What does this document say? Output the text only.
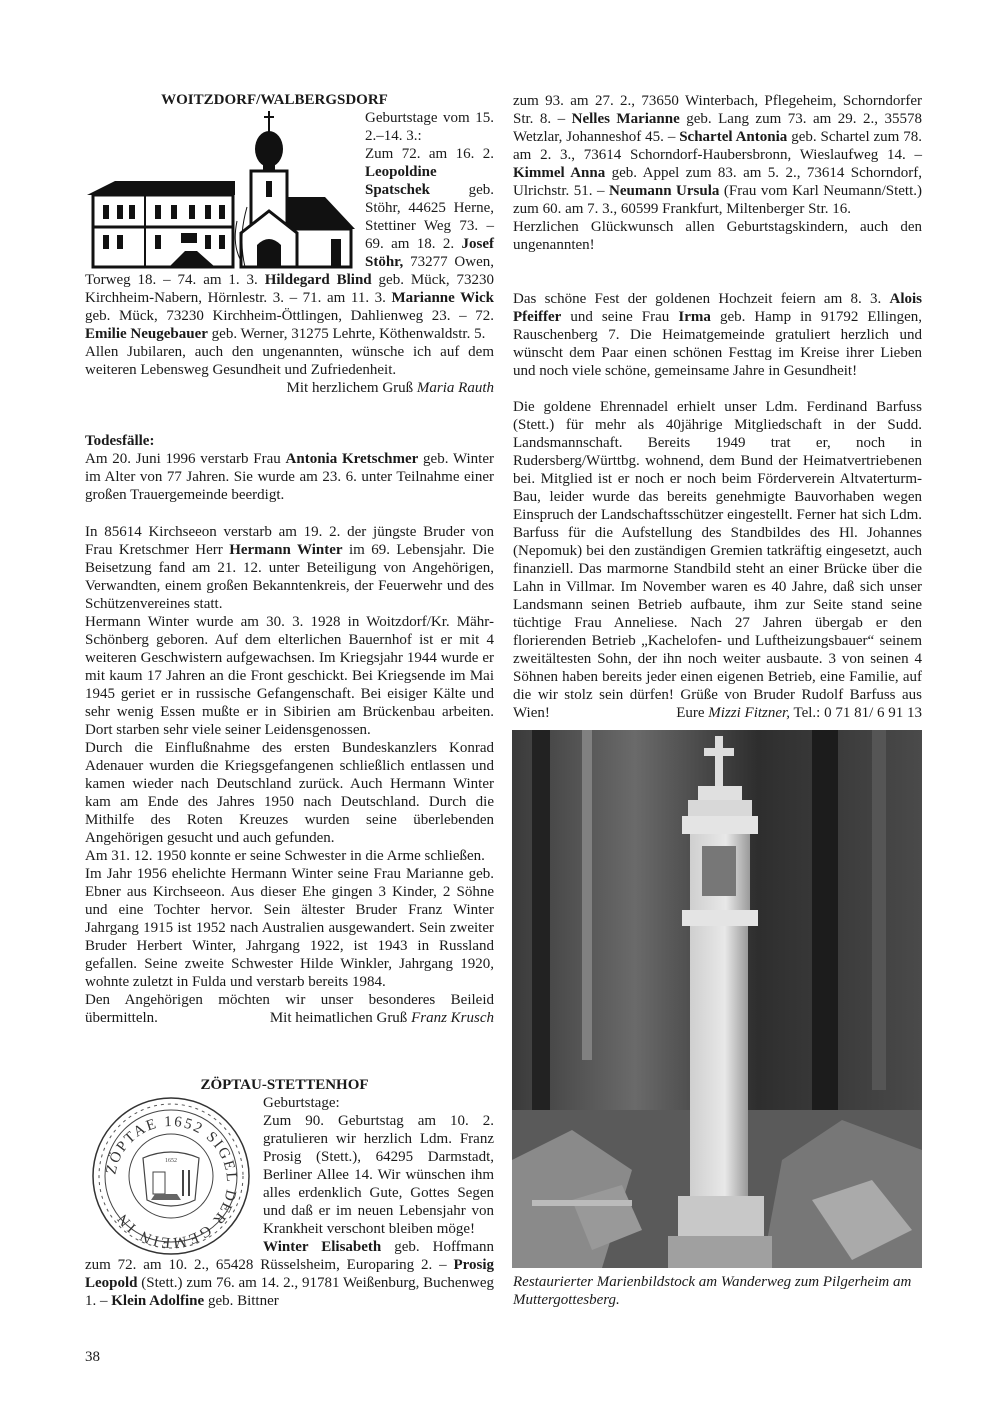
WOITZDORF/WALBERGSDORF

Geburtstage vom 15. 2.–14. 3.:

Zum 72. am 16. 2. Leopoldine Spatschek geb. Stöhr, 44625 Herne, Stettiner Weg 73. – 69. am 18. 2. Josef Stöhr, 73277 Owen, Torweg 18. – 74. am 1. 3. Hildegard Blind geb. Mück, 73230 Kirchheim-Nabern, Hörnlestr. 3. – 71. am 11. 3. Marianne Wick geb. Mück, 73230 Kirchheim-Öttlingen, Dahlienweg 23. – 72. Emilie Neugebauer geb. Werner, 31275 Lehrte, Köthenwaldstr. 5.

Allen Jubilaren, auch den ungenannten, wünsche ich auf dem weiteren Lebensweg Gesundheit und Zufriedenheit.

Mit herzlichem Gruß Maria Rauth

Todesfälle:

Am 20. Juni 1996 verstarb Frau Antonia Kretschmer geb. Winter im Alter von 77 Jahren. Sie wurde am 23. 6. unter Teilnahme einer großen Trauergemeinde beerdigt.

In 85614 Kirchseeon verstarb am 19. 2. der jüngste Bruder von Frau Kretschmer Herr Hermann Winter im 69. Lebensjahr. Die Beisetzung fand am 21. 12. unter Beteiligung von Angehörigen, Verwandten, einem großen Bekanntenkreis, der Feuerwehr und des Schützenvereines statt.

Hermann Winter wurde am 30. 3. 1928 in Woitzdorf/Kr. Mähr-Schönberg geboren. Auf dem elterlichen Bauernhof ist er mit 4 weiteren Geschwistern aufgewachsen. Im Kriegsjahr 1944 wurde er mit kaum 17 Jahren an die Front geschickt. Bei Kriegsende im Mai 1945 geriet er in russische Gefangenschaft. Bei eisiger Kälte und sehr wenig Essen mußte er in Sibirien am Brückenbau arbeiten. Dort starben sehr viele seiner Leidensgenossen.

Durch die Einflußnahme des ersten Bundeskanzlers Konrad Adenauer wurden die Kriegsgefangenen schließlich entlassen und kamen wieder nach Deutschland zurück. Auch Hermann Winter kam am Ende des Jahres 1950 nach Deutschland. Durch die Mithilfe des Roten Kreuzes wurden seine überlebenden Angehörigen gesucht und auch gefunden.

Am 31. 12. 1950 konnte er seine Schwester in die Arme schließen.

Im Jahr 1956 ehelichte Hermann Winter seine Frau Marianne geb. Ebner aus Kirchseeon. Aus dieser Ehe gingen 3 Kinder, 2 Söhne und eine Tochter hervor. Sein ältester Bruder Franz Winter Jahrgang 1915 ist 1952 nach Australien ausgewandert. Sein zweiter Bruder Herbert Winter, Jahrgang 1922, ist 1943 in Russland gefallen. Seine zweite Schwester Hilde Winkler, Jahrgang 1920, wohnte zuletzt in Fulda und verstarb bereits 1984.

Den Angehörigen möchten wir unser besonderes Beileid übermitteln. Mit heimatlichen Gruß Franz Krusch

ZÖPTAU-STETTENHOF
ZÖPTAE 1652 SIGEL DER GEMEIN IN
1652

Geburtstage:

Zum 90. Geburtstag am 10. 2. gratulieren wir herzlich Ldm. Franz Prosig (Stett.), 64295 Darmstadt, Berliner Allee 14. Wir wünschen ihm alles erdenklich Gute, Gottes Segen und daß er im neuen Lebensjahr von Krankheit verschont bleiben möge!

Winter Elisabeth geb. Hoffmann zum 72. am 10. 2., 65428 Rüsselsheim, Europaring 2. – Prosig Leopold (Stett.) zum 76. am 14. 2., 91781 Weißenburg, Buchenweg 1. – Klein Adolfine geb. Bittner

zum 93. am 27. 2., 73650 Winterbach, Pflegeheim, Schorndorfer Str. 8. – Nelles Marianne geb. Lang zum 73. am 29. 2., 35578 Wetzlar, Johanneshof 45. – Schartel Antonia geb. Schartel zum 78. am 2. 3., 73614 Schorndorf-Haubersbronn, Wieslaufweg 14. – Kimmel Anna geb. Appel zum 83. am 5. 2., 73614 Schorndorf, Ulrichstr. 51. – Neumann Ursula (Frau vom Karl Neumann/Stett.) zum 60. am 7. 3., 60599 Frankfurt, Miltenberger Str. 16.

Herzlichen Glückwunsch allen Geburtstagskindern, auch den ungenannten!

Das schöne Fest der goldenen Hochzeit feiern am 8. 3. Alois Pfeiffer und seine Frau Irma geb. Hamp in 91792 Ellingen, Rauschenberg 7. Die Heimatgemeinde gratuliert herzlich und wünscht dem Paar einen schönen Festtag im Kreise ihrer Lieben und noch viele schöne, gemeinsame Jahre in Gesundheit!

Die goldene Ehrennadel erhielt unser Ldm. Ferdinand Barfuss (Stett.) für mehr als 40jährige Mitgliedschaft in der Sudd. Landsmannschaft. Bereits 1949 trat er, noch in Rudersberg/Württbg. wohnend, dem Bund der Heimatvertriebenen bei. Mitglied ist er noch er noch beim Förderverein Altvaterturm-Bau, leider wurde das bereits genehmigte Bauvorhaben wegen Einspruch der Landschaftsschützer eingestellt. Ferner hat sich Ldm. Barfuss für die Aufstellung des Standbildes des Hl. Johannes (Nepomuk) bei den zuständigen Gremien tatkräftig eingesetzt, auch finanziell. Das marmorne Standbild steht an einer Brücke über die Lahn in Villmar. Im November waren es 40 Jahre, daß sich unser Landsmann seinen Betrieb aufbaute, ihm zur Seite stand seine tüchtige Frau Anneliese. Nach 27 Jahren übergab er den florierenden Betrieb „Kachelofen- und Luftheizungsbauer“ seinem zweitältesten Sohn, der ihn noch weiter ausbaute. 3 von seinen 4 Söhnen haben bereits jeder einen eigenen Betrieb, eine Familie, auf die wir stolz sein dürfen! Grüße von Bruder Rudolf Barfuss aus Wien! Eure Mizzi Fitzner, Tel.: 0 71 81/ 6 91 13

Restaurierter Marienbildstock am Wanderweg zum Pilgerheim am Muttergottesberg.

38
